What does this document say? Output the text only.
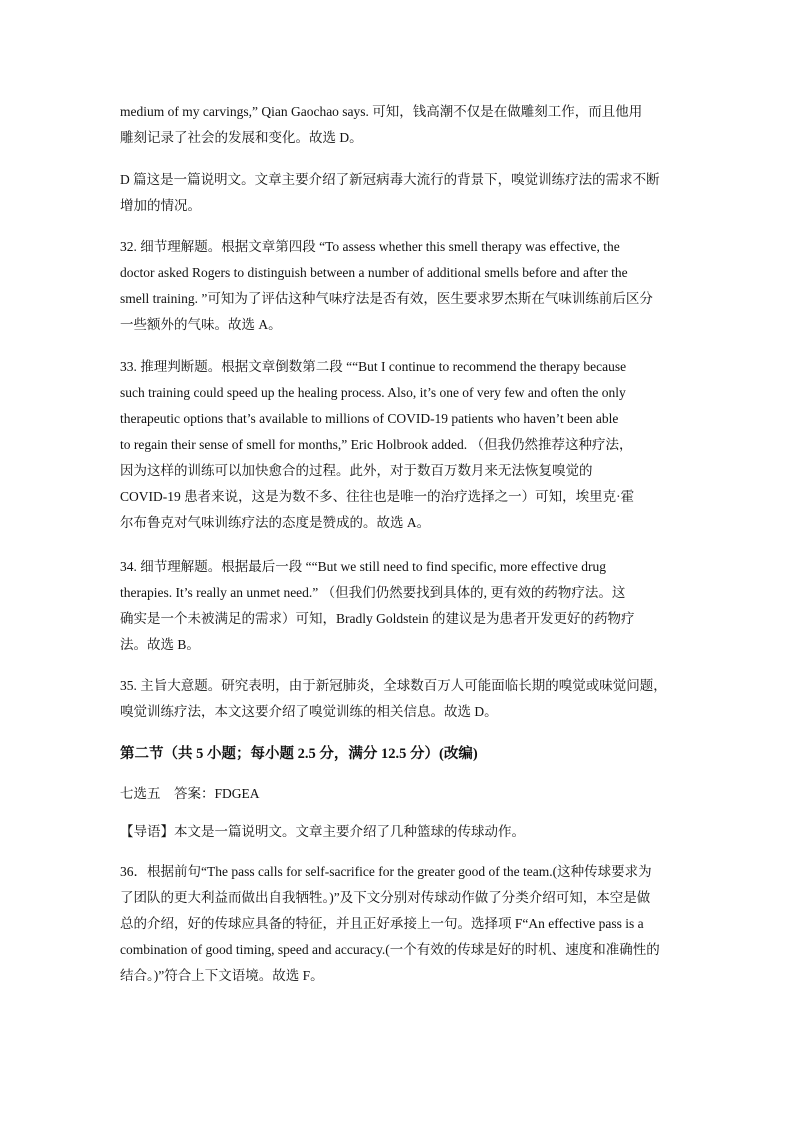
medium of my carvings,” Qian Gaochao says. 可知，钱高潮不仅是在做雕刻工作，而且他用
雕刻记录了社会的发展和变化。故选 D。

D 篇这是一篇说明文。文章主要介绍了新冠病毒大流行的背景下，嗅觉训练疗法的需求不断
增加的情况。

32. 细节理解题。根据文章第四段 “To assess whether this smell therapy was effective, the
doctor asked Rogers to distinguish between a number of additional smells before and after the
smell training. ”可知为了评估这种气味疗法是否有效，医生要求罗杰斯在气味训练前后区分
一些额外的气味。故选 A。

33. 推理判断题。根据文章倒数第二段 ““But I continue to recommend the therapy because
such training could speed up the healing process. Also, it’s one of very few and often the only
therapeutic options that’s available to millions of COVID-19 patients who haven’t been able
to regain their sense of smell for months,” Eric Holbrook added. （但我仍然推荐这种疗法，
因为这样的训练可以加快愈合的过程。此外，对于数百万数月来无法恢复嗅觉的
COVID-19 患者来说，这是为数不多、往往也是唯一的治疗选择之一）可知，埃里克·霍
尔布鲁克对气味训练疗法的态度是赞成的。故选 A。

34. 细节理解题。根据最后一段 ““But we still need to find specific, more effective drug
therapies. It’s really an unmet need.” （但我们仍然要找到具体的, 更有效的药物疗法。这
确实是一个未被满足的需求）可知，Bradly Goldstein 的建议是为患者开发更好的药物疗
法。故选 B。

35. 主旨大意题。研究表明，由于新冠肺炎，全球数百万人可能面临长期的嗅觉或味觉问题，
嗅觉训练疗法，本文这要介绍了嗅觉训练的相关信息。故选 D。

第二节（共 5 小题；每小题 2.5 分，满分 12.5 分）(改编)

七选五　答案：FDGEA

【导语】本文是一篇说明文。文章主要介绍了几种篮球的传球动作。

36．根据前句“The pass calls for self-sacrifice for the greater good of the team.(这种传球要求为
了团队的更大利益而做出自我牺牲。)”及下文分别对传球动作做了分类介绍可知，本空是做
总的介绍，好的传球应具备的特征，并且正好承接上一句。选择项 F“An effective pass is a
combination of good timing, speed and accuracy.(一个有效的传球是好的时机、速度和准确性的
结合。)”符合上下文语境。故选 F。
